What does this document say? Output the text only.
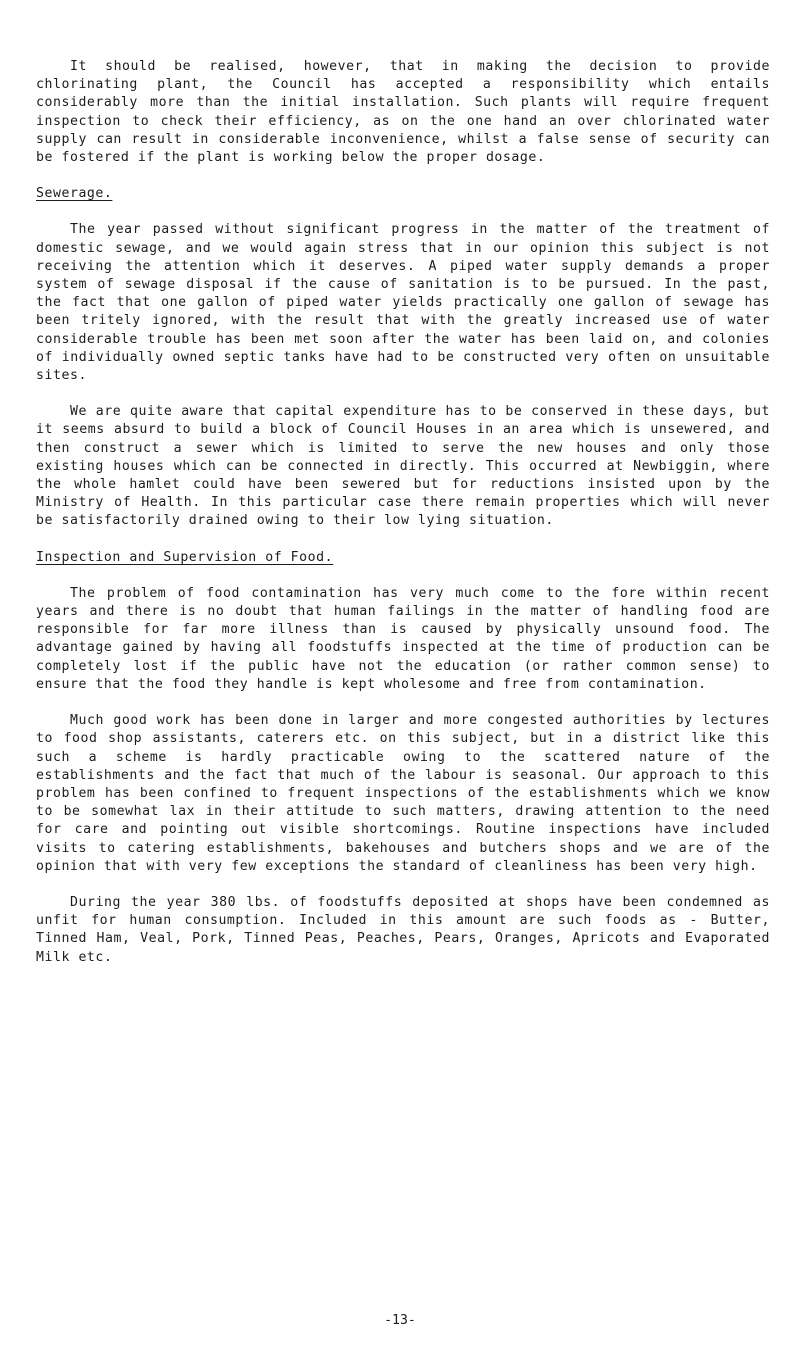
It should be realised, however, that in making the decision to provide chlorinating plant, the Council has accepted a responsibility which entails considerably more than the initial installation. Such plants will require frequent inspection to check their efficiency, as on the one hand an over chlorinated water supply can result in considerable inconvenience, whilst a false sense of security can be fostered if the plant is working below the proper dosage.

Sewerage.

The year passed without significant progress in the matter of the treatment of domestic sewage, and we would again stress that in our opinion this subject is not receiving the attention which it deserves. A piped water supply demands a proper system of sewage disposal if the cause of sanitation is to be pursued. In the past, the fact that one gallon of piped water yields practically one gallon of sewage has been tritely ignored, with the result that with the greatly increased use of water considerable trouble has been met soon after the water has been laid on, and colonies of individually owned septic tanks have had to be constructed very often on unsuitable sites.

We are quite aware that capital expenditure has to be conserved in these days, but it seems absurd to build a block of Council Houses in an area which is unsewered, and then construct a sewer which is limited to serve the new houses and only those existing houses which can be connected in directly. This occurred at Newbiggin, where the whole hamlet could have been sewered but for reductions insisted upon by the Ministry of Health. In this particular case there remain properties which will never be satisfactorily drained owing to their low lying situation.

Inspection and Supervision of Food.

The problem of food contamination has very much come to the fore within recent years and there is no doubt that human failings in the matter of handling food are responsible for far more illness than is caused by physically unsound food. The advantage gained by having all foodstuffs inspected at the time of production can be completely lost if the public have not the education (or rather common sense) to ensure that the food they handle is kept wholesome and free from contamination.

Much good work has been done in larger and more congested authorities by lectures to food shop assistants, caterers etc. on this subject, but in a district like this such a scheme is hardly practicable owing to the scattered nature of the establishments and the fact that much of the labour is seasonal. Our approach to this problem has been confined to frequent inspections of the establishments which we know to be somewhat lax in their attitude to such matters, drawing attention to the need for care and pointing out visible shortcomings. Routine inspections have included visits to catering establishments, bakehouses and butchers shops and we are of the opinion that with very few exceptions the standard of cleanliness has been very high.

During the year 380 lbs. of foodstuffs deposited at shops have been condemned as unfit for human consumption. Included in this amount are such foods as - Butter, Tinned Ham, Veal, Pork, Tinned Peas, Peaches, Pears, Oranges, Apricots and Evaporated Milk etc.

-13-
